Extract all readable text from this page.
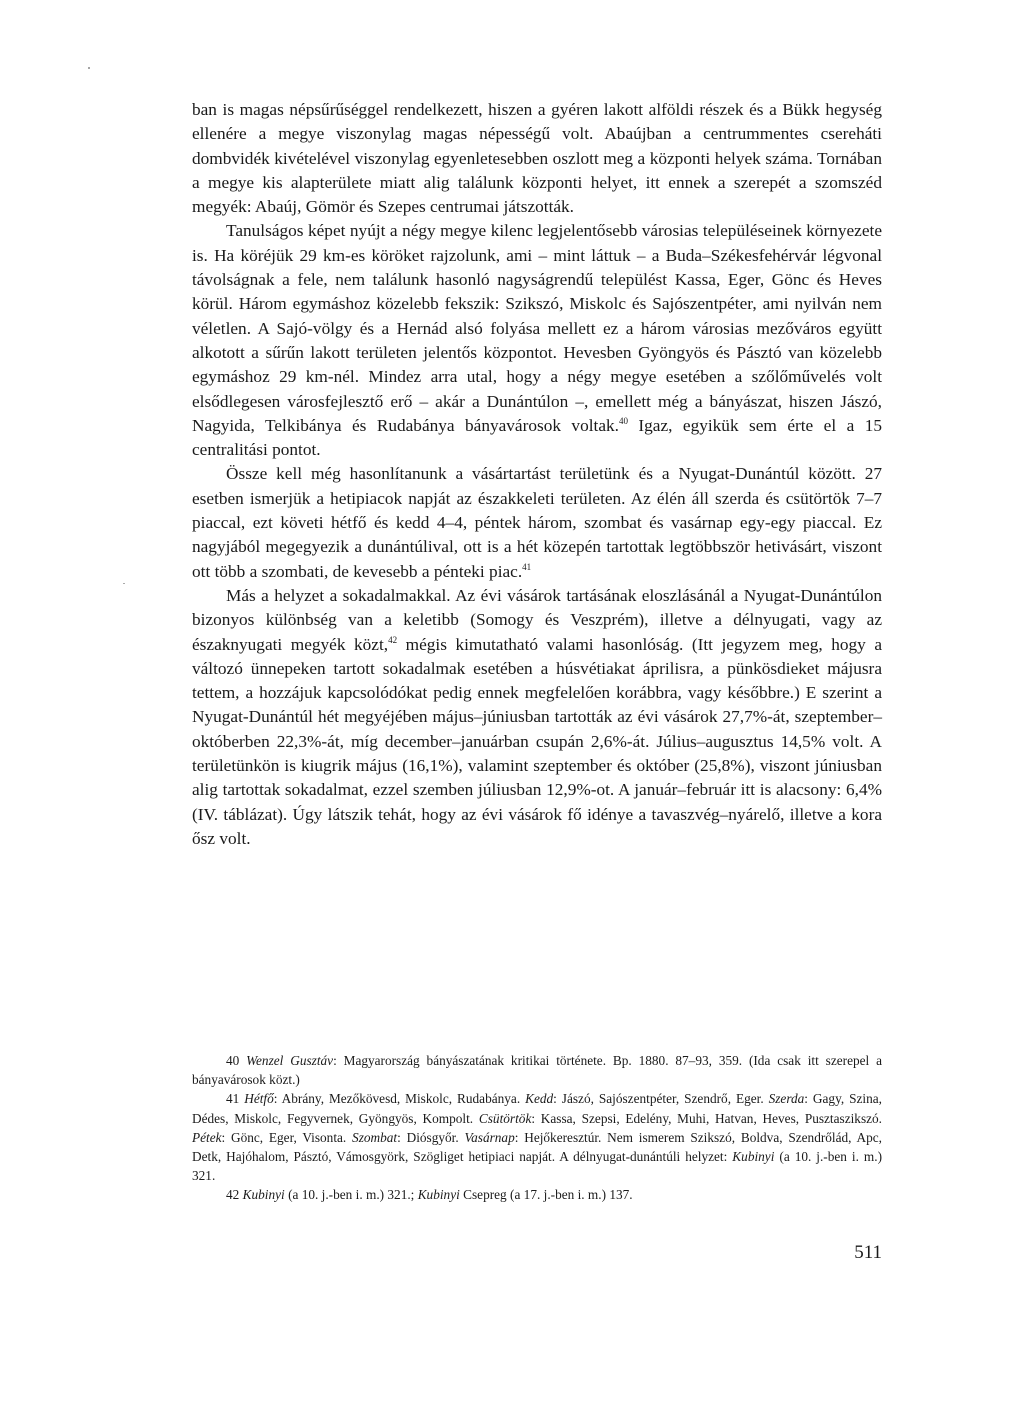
ban is magas népsűrűséggel rendelkezett, hiszen a gyéren lakott alföldi részek és a Bükk hegység ellenére a megye viszonylag magas népességű volt. Abaújban a centrummentes csereháti dombvidék kivételével viszonylag egyenletesebben oszlott meg a központi helyek száma. Tornában a megye kis alapterülete miatt alig találunk központi helyet, itt ennek a szerepét a szomszéd megyék: Abaúj, Gömör és Szepes centrumai játszották.

Tanulságos képet nyújt a négy megye kilenc legjelentősebb városias településeinek környezete is. Ha köréjük 29 km-es köröket rajzolunk, ami – mint láttuk – a Buda–Székesfehérvár légvonal távolságnak a fele, nem találunk hasonló nagyságrendű települést Kassa, Eger, Gönc és Heves körül. Három egymáshoz közelebb fekszik: Szikszó, Miskolc és Sajószentpéter, ami nyilván nem véletlen. A Sajó-völgy és a Hernád alsó folyása mellett ez a három városias mezőváros együtt alkotott a sűrűn lakott területen jelentős központot. Hevesben Gyöngyös és Pásztó van közelebb egymáshoz 29 km-nél. Mindez arra utal, hogy a négy megye esetében a szőlőművelés volt elsődlegesen városfejlesztő erő – akár a Dunántúlon –, emellett még a bányászat, hiszen Jászó, Nagyida, Telkibánya és Rudabánya bányavárosok voltak.$^{40}$ Igaz, egyikük sem érte el a 15 centralitási pontot.

Össze kell még hasonlítanunk a vásártartást területünk és a Nyugat-Dunántúl között. 27 esetben ismerjük a hetipiacok napját az északkeleti területen. Az élén áll szerda és csütörtök 7–7 piaccal, ezt követi hétfő és kedd 4–4, péntek három, szombat és vasárnap egy-egy piaccal. Ez nagyjából megegyezik a dunántúlival, ott is a hét közepén tartottak legtöbbször hetivásárt, viszont ott több a szombati, de kevesebb a pénteki piac.$^{41}$

Más a helyzet a sokadalmakkal. Az évi vásárok tartásának eloszlásánál a Nyugat-Dunántúlon bizonyos különbség van a keletibb (Somogy és Veszprém), illetve a délnyugati, vagy az északnyugati megyék közt,$^{42}$ mégis kimutatható valami hasonlóság. (Itt jegyzem meg, hogy a változó ünnepeken tartott sokadalmak esetében a húsvétiakat áprilisra, a pünkösdieket májusra tettem, a hozzájuk kapcsolódókat pedig ennek megfelelően korábbra, vagy későbbre.) E szerint a Nyugat-Dunántúl hét megyéjében május–júniusban tartották az évi vásárok 27,7%-át, szeptember–októberben 22,3%-át, míg december–januárban csupán 2,6%-át. Július–augusztus 14,5% volt. A területünkön is kiugrik május (16,1%), valamint szeptember és október (25,8%), viszont júniusban alig tartottak sokadalmat, ezzel szemben júliusban 12,9%-ot. A január–február itt is alacsony: 6,4% (IV. táblázat). Úgy látszik tehát, hogy az évi vásárok fő idénye a tavaszvég–nyárelő, illetve a kora ősz volt.

40 Wenzel Gusztáv: Magyarország bányászatának kritikai története. Bp. 1880. 87–93, 359. (Ida csak itt szerepel a bányavárosok közt.)

41 Hétfő: Abrány, Mezőkövesd, Miskolc, Rudabánya. Kedd: Jászó, Sajószentpéter, Szendrő, Eger. Szerda: Gagy, Szina, Dédes, Miskolc, Fegyvernek, Gyöngyös, Kompolt. Csütörtök: Kassa, Szepsi, Edelény, Muhi, Hatvan, Heves, Pusztaszikszó. Pétek: Gönc, Eger, Visonta. Szombat: Diósgyőr. Vasárnap: Hejőkeresztúr. Nem ismerem Szikszó, Boldva, Szendrőlád, Apc, Detk, Hajóhalom, Pásztó, Vámosgyörk, Szögliget hetipiaci napját. A délnyugat-dunántúli helyzet: Kubinyi (a 10. j.-ben i. m.) 321.

42 Kubinyi (a 10. j.-ben i. m.) 321.; Kubinyi Csepreg (a 17. j.-ben i. m.) 137.

511
